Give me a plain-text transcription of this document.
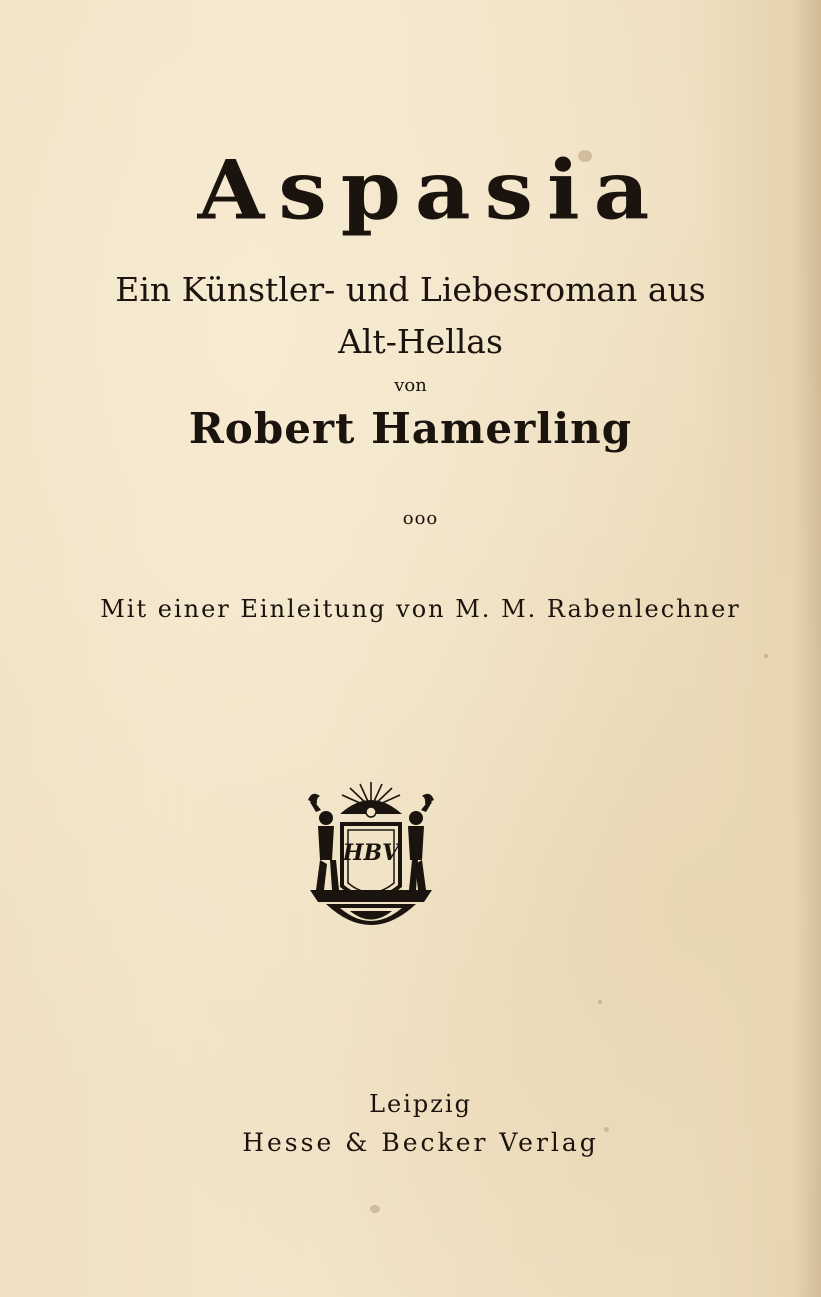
Aspasia
Ein Künstler- und Liebesroman aus
Alt-Hellas
von
Robert Hamerling
ooo
Mit einer Einleitung von M. M. Rabenlechner
HBV
Leipzig
Hesse & Becker Verlag
